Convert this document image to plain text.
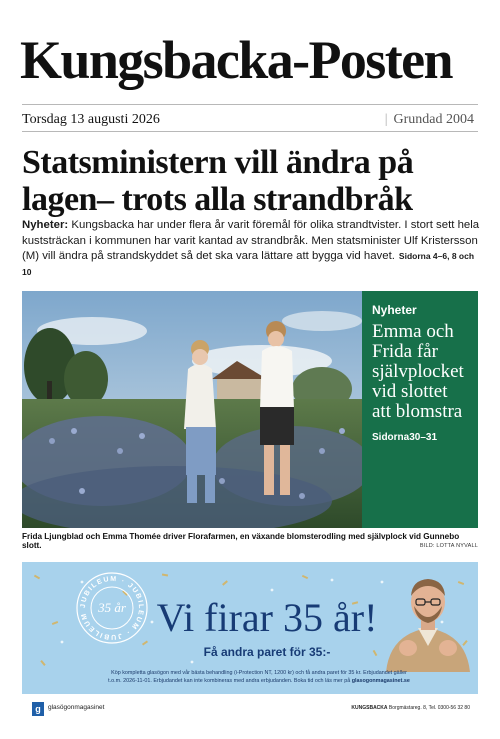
Kungsbacka-Posten
Torsdag 13 augusti 2026	| Grundad 2004
Statsministern vill ändra på lagen– trots alla strandbråk

Nyheter: Kungsbacka har under flera år varit föremål för olika strandtvister. I stort sett hela kuststräckan i kommunen har varit kantad av strandbråk. Men statsminister Ulf Kristersson (M) vill ändra på strandskyddet så det ska vara lättare att bygga vid havet. Sidorna 4–6, 8 och 10

Nyheter
Emma och Frida får självplocket vid slottet att blomstra
Sidorna30–31
Frida Ljungblad och Emma Thomée driver Florafarmen, en växande blomsterodling med självplock vid Gunnebo slott.	BILD: LOTTA NYVALL
JUBILEUM · JUBILEUM · JUBILEUM
35 år Vi firar 35 år!
Få andra paret för 35:-

Köp kompletta glasögon med vår bästa behandling (i-Protection NT, 1200 kr) och få andra paret för 35 kr. Erbjudandet gäller
t.o.m. 2026-11-01. Erbjudandet kan inte kombineras med andra erbjudanden. Boka tid och läs mer på glasogonmagasinet.se

g	glasögonmagasinet	KUNGSBACKA Borgmästareg. 8, Tel. 0300-56 32 80
